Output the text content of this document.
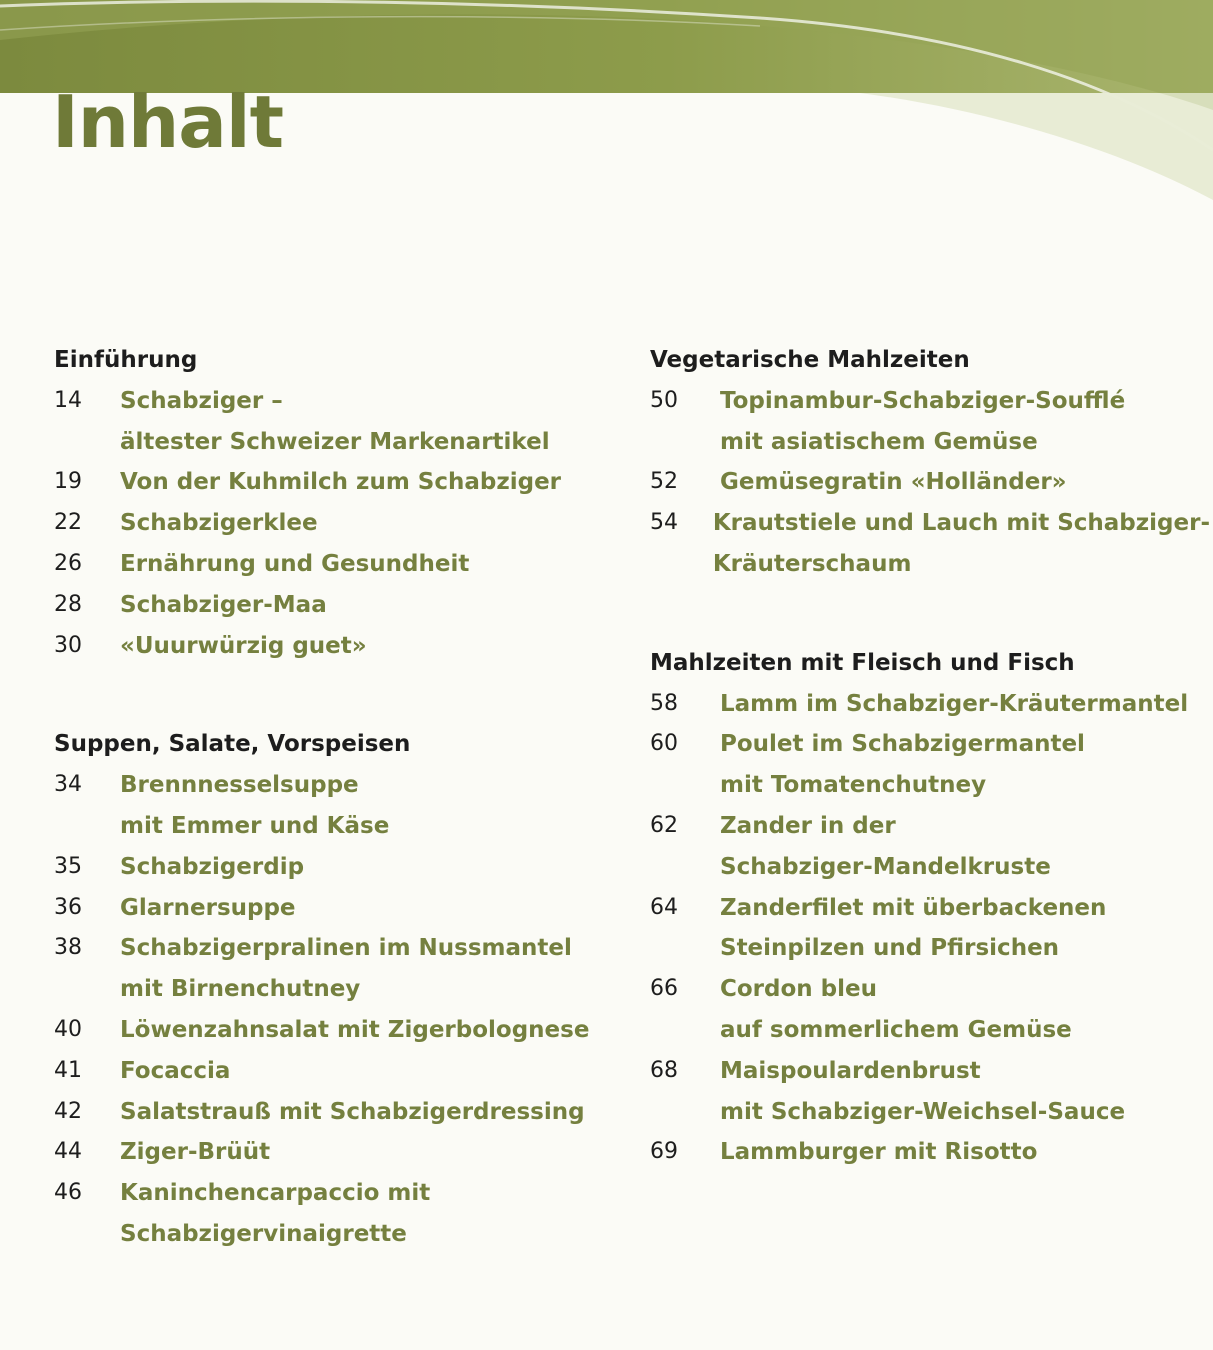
Inhalt
Einführung
14	Schabziger –
ältester Schweizer Markenartikel
19	Von der Kuhmilch zum Schabziger
22	Schabzigerklee
26	Ernährung und Gesundheit
28	Schabziger-Maa
30	«Uuurwürzig guet»
Suppen, Salate, Vorspeisen
34	Brennnesselsuppe
mit Emmer und Käse
35	Schabzigerdip
36	Glarnersuppe
38	Schabzigerpralinen im Nussmantel
mit Birnenchutney
40	Löwenzahnsalat mit Zigerbolognese
41	Focaccia
42	Salatstrauß mit Schabzigerdressing
44	Ziger-Brüüt
46	Kaninchencarpaccio mit
Schabzigervinaigrette
Vegetarische Mahlzeiten
50	Topinambur-Schabziger-Soufflé
mit asiatischem Gemüse
52	Gemüsegratin «Holländer»
54	Krautstiele und Lauch mit Schabziger-
Kräuterschaum
Mahlzeiten mit Fleisch und Fisch
58	Lamm im Schabziger-Kräutermantel
60	Poulet im Schabzigermantel
mit Tomatenchutney
62	Zander in der
Schabziger-Mandelkruste
64	Zanderfilet mit überbackenen
Steinpilzen und Pfirsichen
66	Cordon bleu
auf sommerlichem Gemüse
68	Maispoulardenbrust
mit Schabziger-Weichsel-Sauce
69	Lammburger mit Risotto
